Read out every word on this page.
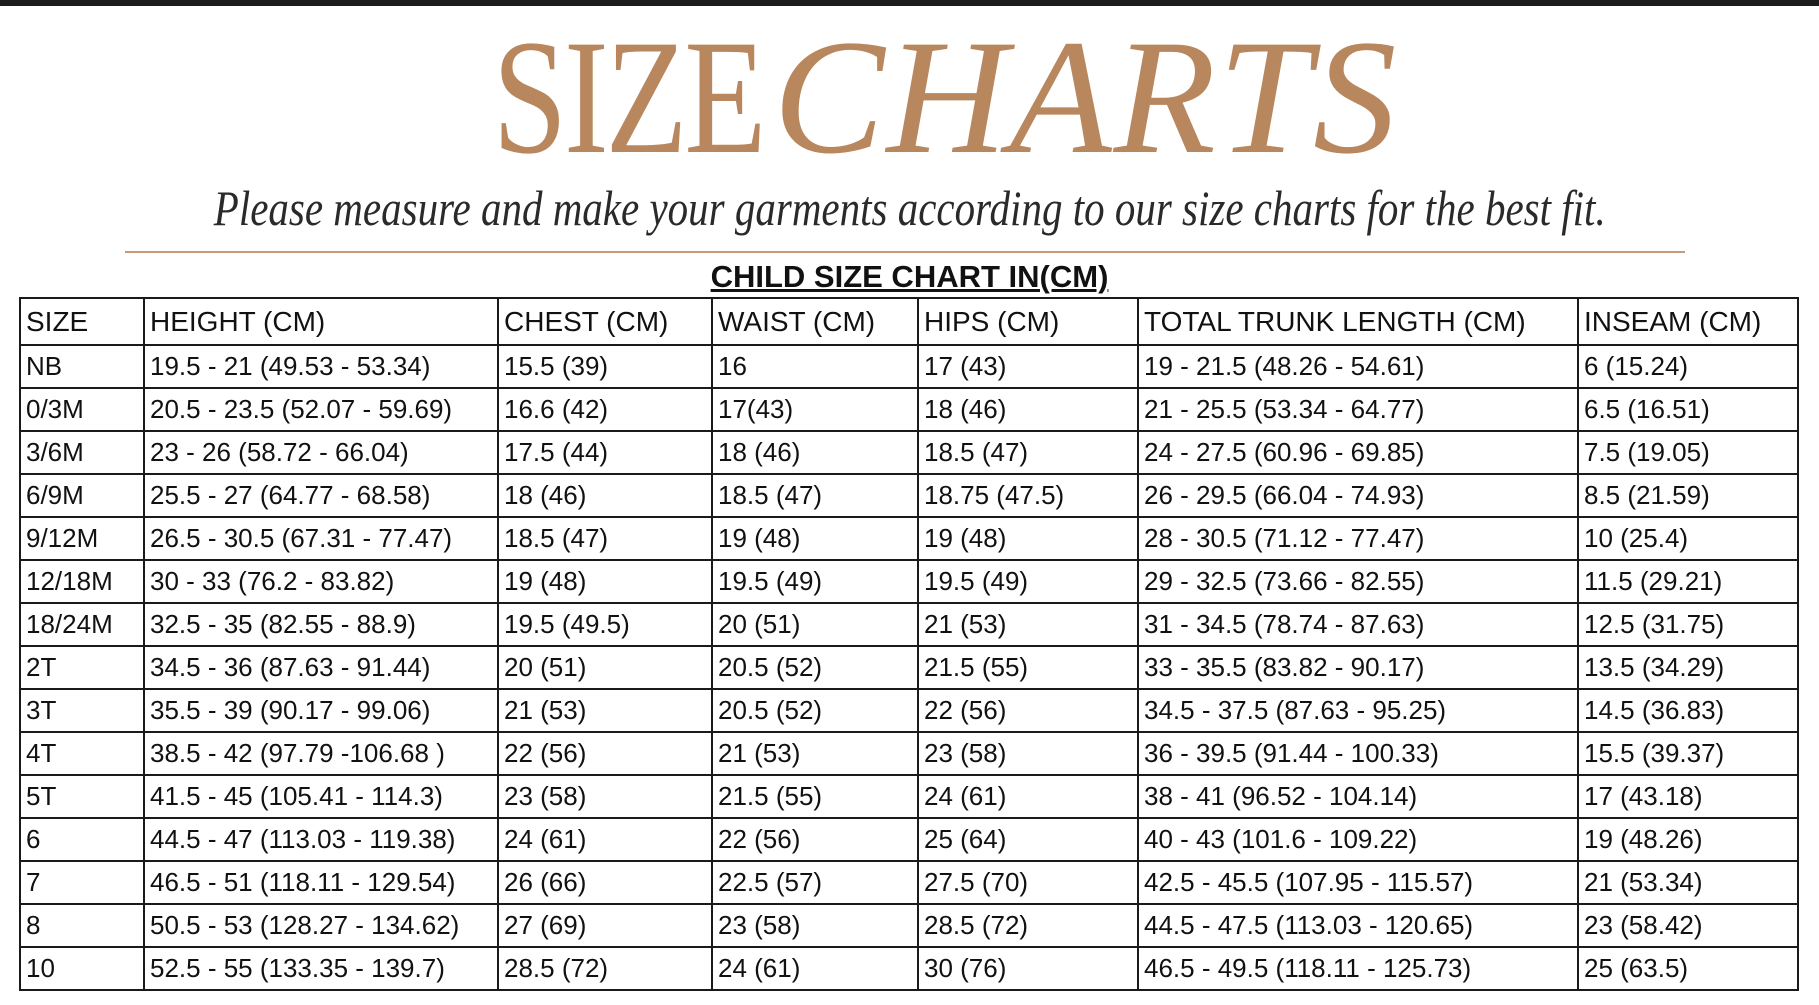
SIZECHARTS
Please measure and make your garments according to our size charts for the best fit.
CHILD SIZE CHART IN(CM)
SIZE	HEIGHT (CM)	CHEST (CM)	WAIST (CM)	HIPS (CM)	TOTAL TRUNK LENGTH (CM)	INSEAM (CM)
NB	19.5 - 21 (49.53 - 53.34)	15.5 (39)	16	17 (43)	19 - 21.5 (48.26 - 54.61)	6 (15.24)
0/3M	20.5 - 23.5 (52.07 - 59.69)	16.6 (42)	17(43)	18 (46)	21 - 25.5 (53.34 - 64.77)	6.5 (16.51)
3/6M	23 - 26 (58.72 - 66.04)	17.5 (44)	18 (46)	18.5 (47)	24 - 27.5 (60.96 - 69.85)	7.5 (19.05)
6/9M	25.5 - 27 (64.77 - 68.58)	18 (46)	18.5 (47)	18.75 (47.5)	26 - 29.5 (66.04 - 74.93)	8.5 (21.59)
9/12M	26.5 - 30.5 (67.31 - 77.47)	18.5 (47)	19 (48)	19 (48)	28 - 30.5 (71.12 - 77.47)	10 (25.4)
12/18M	30 - 33 (76.2 - 83.82)	19 (48)	19.5 (49)	19.5 (49)	29 - 32.5 (73.66 - 82.55)	11.5 (29.21)
18/24M	32.5 - 35 (82.55 - 88.9)	19.5 (49.5)	20 (51)	21 (53)	31 - 34.5 (78.74 - 87.63)	12.5 (31.75)
2T	34.5 - 36 (87.63 - 91.44)	20 (51)	20.5 (52)	21.5 (55)	33 - 35.5 (83.82 - 90.17)	13.5 (34.29)
3T	35.5 - 39 (90.17 - 99.06)	21 (53)	20.5 (52)	22 (56)	34.5 - 37.5 (87.63 - 95.25)	14.5 (36.83)
4T	38.5 - 42 (97.79 -106.68 )	22 (56)	21 (53)	23 (58)	36 - 39.5 (91.44 - 100.33)	15.5 (39.37)
5T	41.5 - 45 (105.41 - 114.3)	23 (58)	21.5 (55)	24 (61)	38 - 41 (96.52 - 104.14)	17 (43.18)
6	44.5 - 47 (113.03 - 119.38)	24 (61)	22 (56)	25 (64)	40 - 43 (101.6 - 109.22)	19 (48.26)
7	46.5 - 51 (118.11 - 129.54)	26 (66)	22.5 (57)	27.5 (70)	42.5 - 45.5 (107.95 - 115.57)	21 (53.34)
8	50.5 - 53 (128.27 - 134.62)	27 (69)	23 (58)	28.5 (72)	44.5 - 47.5 (113.03 - 120.65)	23 (58.42)
10	52.5 - 55 (133.35 - 139.7)	28.5 (72)	24 (61)	30 (76)	46.5 - 49.5 (118.11 - 125.73)	25 (63.5)
